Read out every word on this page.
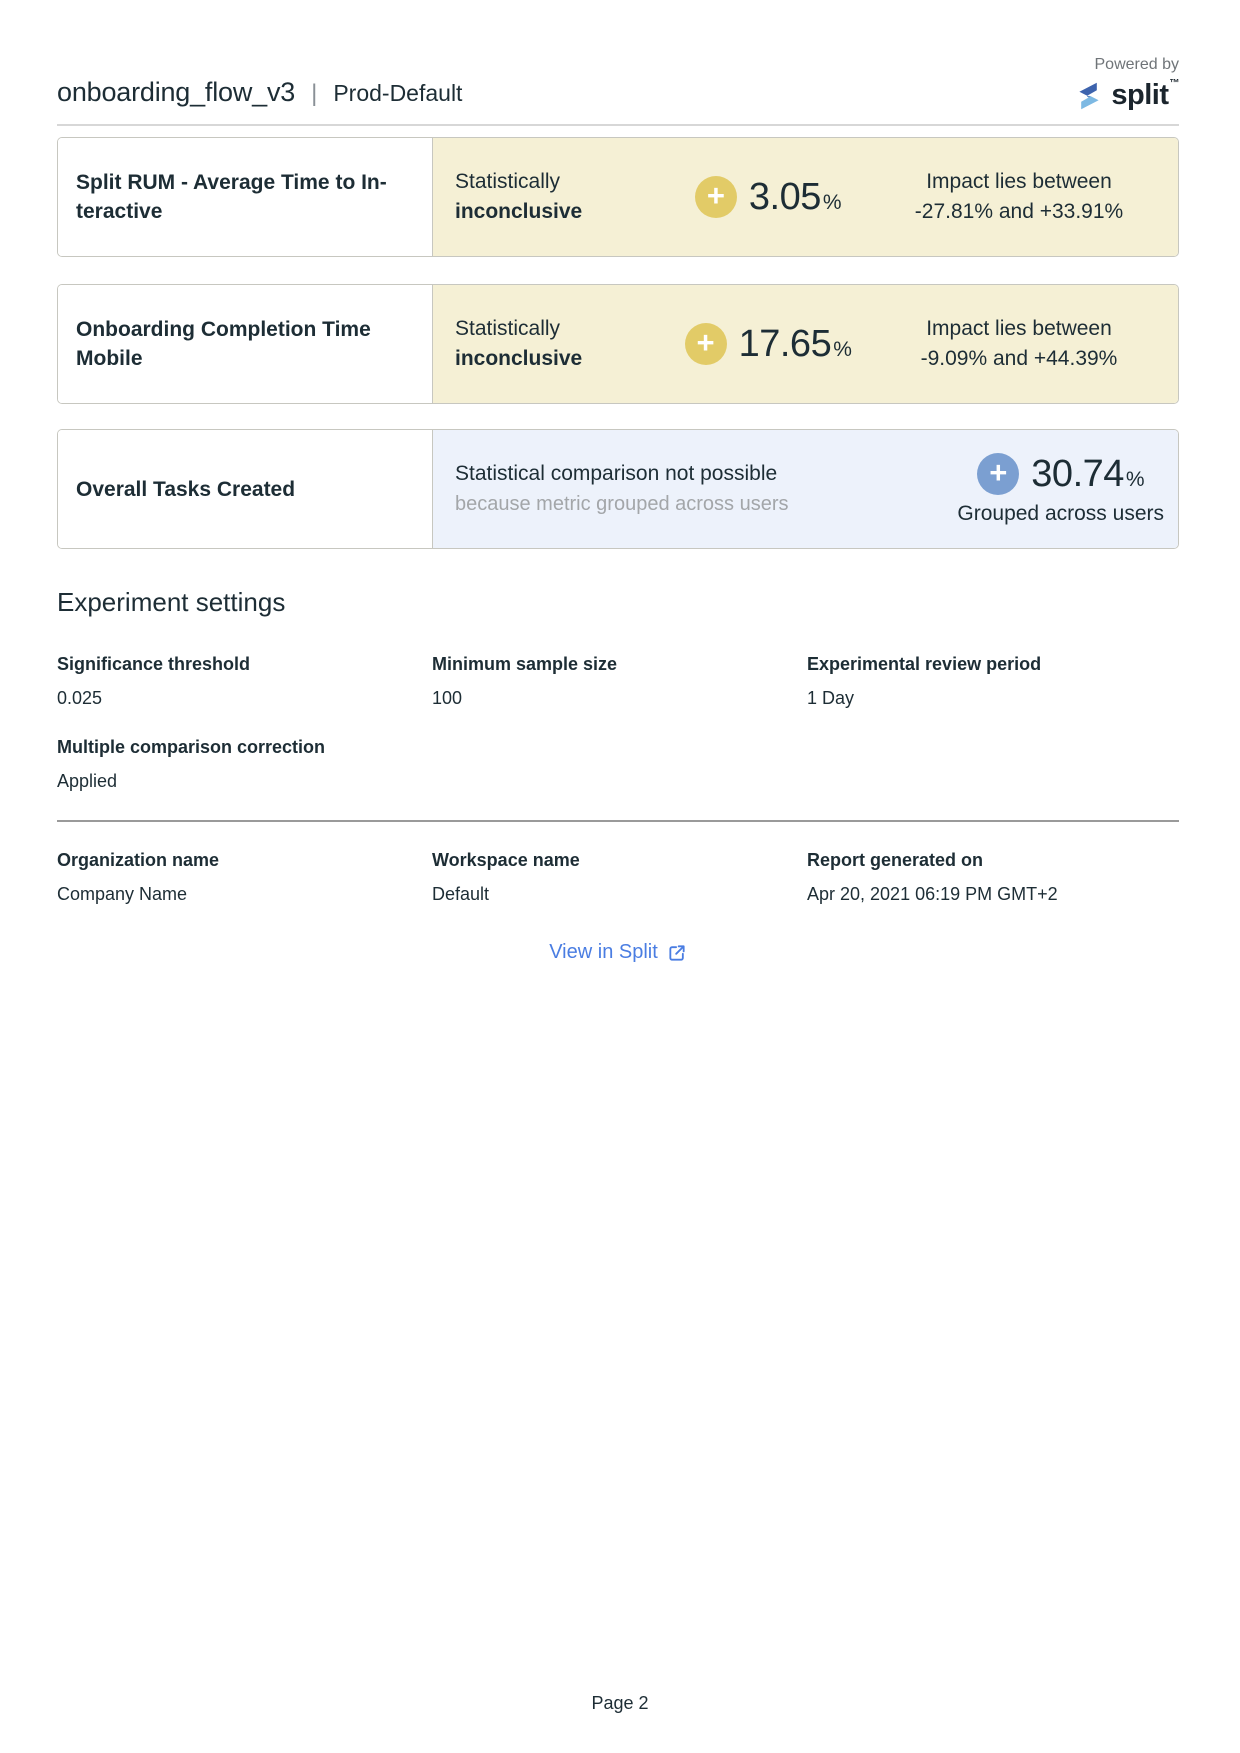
onboarding_flow_v3 | Prod-Default
Powered by
split™
Split RUM - Average Time to In-
teractive
Statistically
inconclusive	+ 3.05%
Impact lies between
-27.81% and +33.91%
Onboarding Completion Time
Mobile
Statistically
inconclusive	+ 17.65%
Impact lies between
-9.09% and +44.39%
Overall Tasks Created
Statistical comparison not possible
because metric grouped across users
+ 30.74%
Grouped across users
Experiment settings
Significance threshold
0.025
Minimum sample size
100
Experimental review period
1 Day
Multiple comparison correction
Applied
Organization name
Company Name
Workspace name
Default
Report generated on
Apr 20, 2021 06:19 PM GMT+2
View in Split
Page 2
